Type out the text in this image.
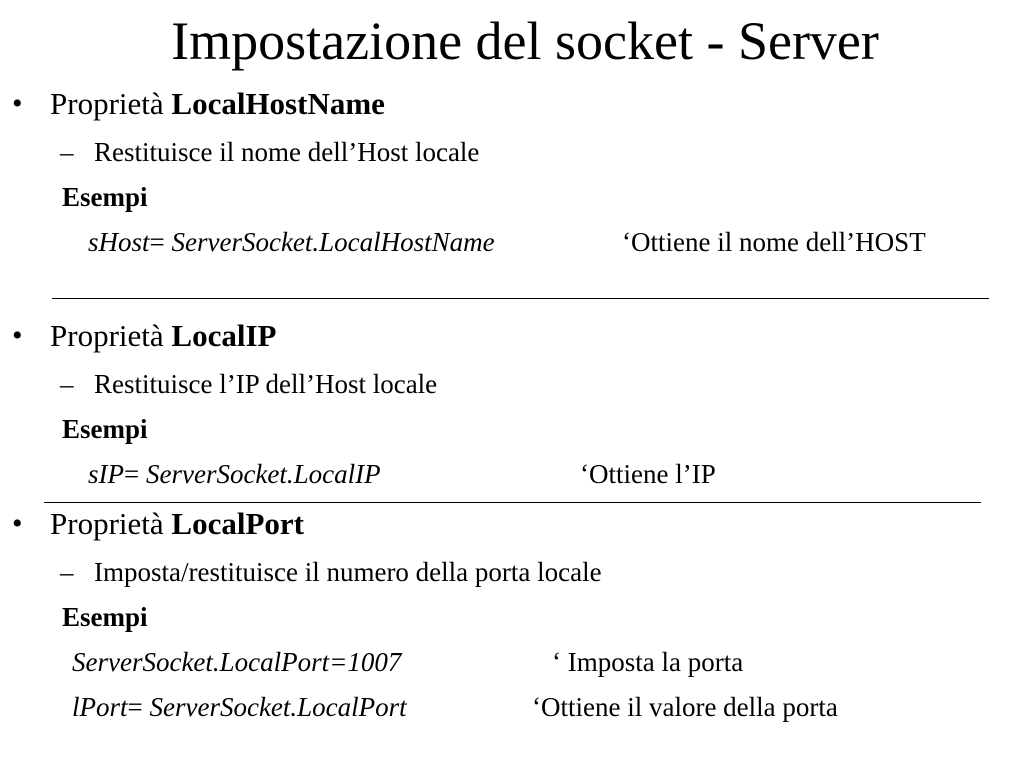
Impostazione del socket - Server
• Proprietà LocalHostName
– Restituisce il nome dell’Host locale
Esempi
sHost= ServerSocket.LocalHostName	‘Ottiene il nome dell’HOST
• Proprietà LocalIP
– Restituisce l’IP dell’Host locale
Esempi
sIP= ServerSocket.LocalIP	‘Ottiene l’IP
• Proprietà LocalPort
– Imposta/restituisce il numero della porta locale
Esempi
ServerSocket.LocalPort=1007	‘ Imposta la porta
lPort= ServerSocket.LocalPort	‘Ottiene il valore della porta
